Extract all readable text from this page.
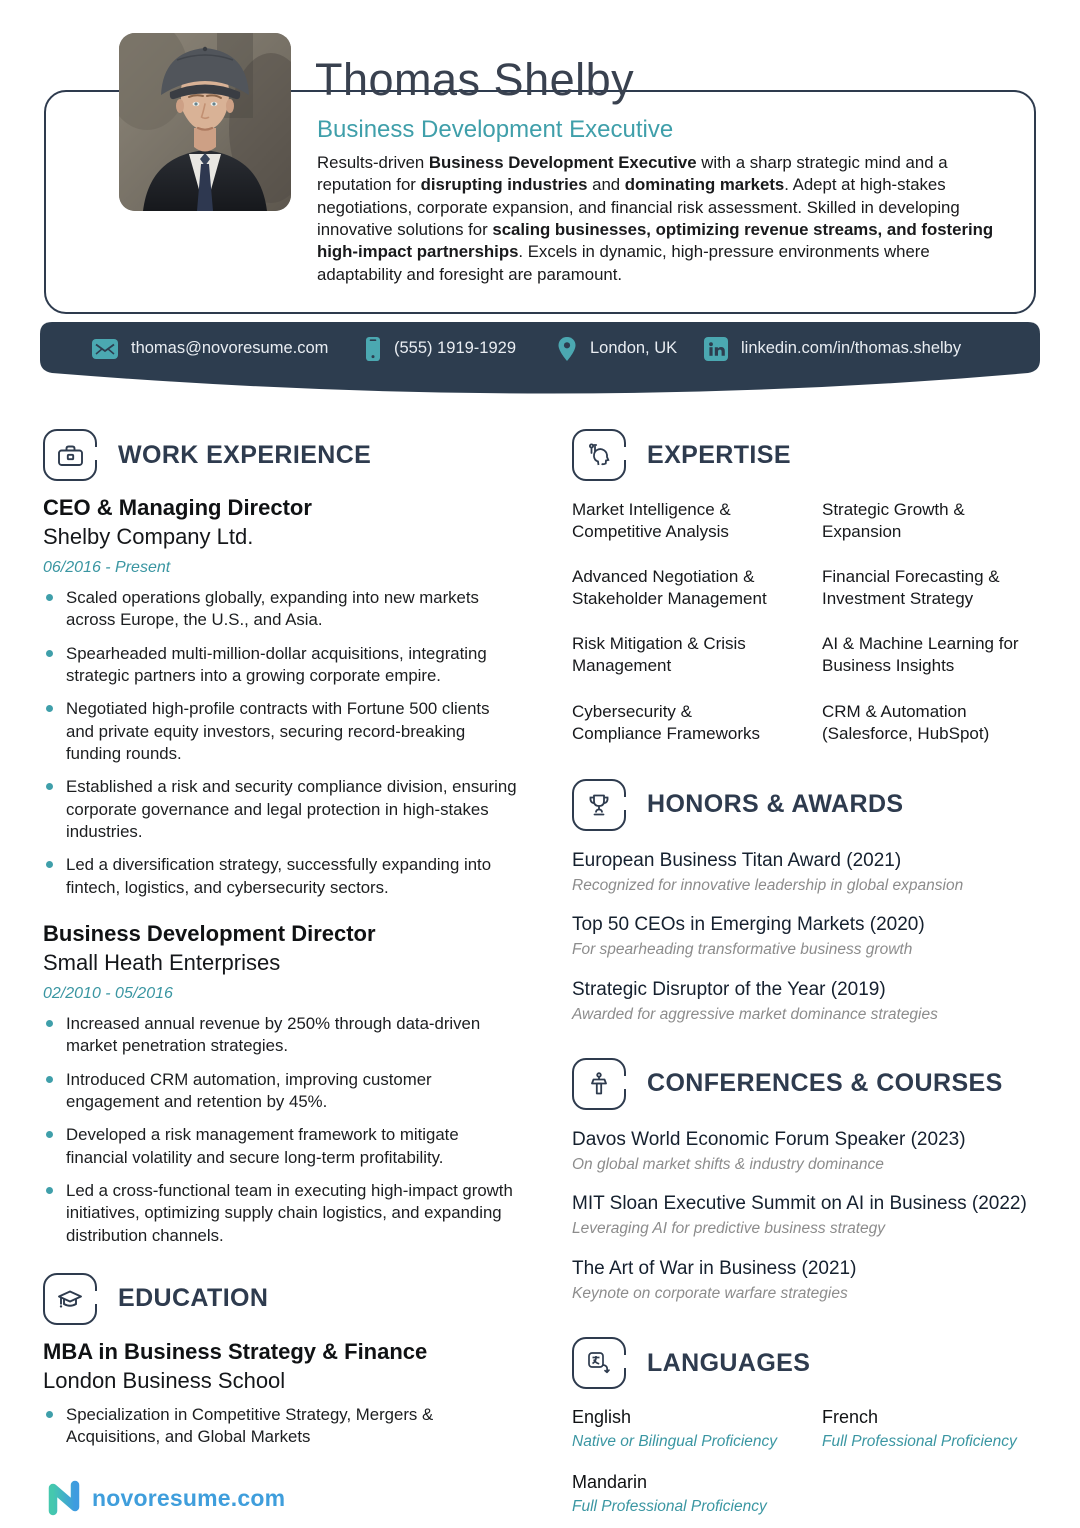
Thomas Shelby
Business Development Executive
Results-driven Business Development Executive with a sharp strategic mind and a reputation for disrupting industries and dominating markets. Adept at high-stakes negotiations, corporate expansion, and financial risk assessment. Skilled in developing innovative solutions for scaling businesses, optimizing revenue streams, and fostering high-impact partnerships. Excels in dynamic, high-pressure environments where adaptability and foresight are paramount.
thomas@novoresume.com	(555) 1919-1929	London, UK	linkedin.com/in/thomas.shelby
WORK EXPERIENCE
CEO & Managing Director
Shelby Company Ltd.
06/2016 - Present
Scaled operations globally, expanding into new markets across Europe, the U.S., and Asia.
Spearheaded multi-million-dollar acquisitions, integrating strategic partners into a growing corporate empire.
Negotiated high-profile contracts with Fortune 500 clients and private equity investors, securing record-breaking funding rounds.
Established a risk and security compliance division, ensuring corporate governance and legal protection in high-stakes industries.
Led a diversification strategy, successfully expanding into fintech, logistics, and cybersecurity sectors.
Business Development Director
Small Heath Enterprises
02/2010 - 05/2016
Increased annual revenue by 250% through data-driven market penetration strategies.
Introduced CRM automation, improving customer engagement and retention by 45%.
Developed a risk management framework to mitigate financial volatility and secure long-term profitability.
Led a cross-functional team in executing high-impact growth initiatives, optimizing supply chain logistics, and expanding distribution channels.
EDUCATION
MBA in Business Strategy & Finance
London Business School
Specialization in Competitive Strategy, Mergers & Acquisitions, and Global Markets
EXPERTISE
Market Intelligence & Competitive Analysis
Strategic Growth & Expansion
Advanced Negotiation & Stakeholder Management
Financial Forecasting & Investment Strategy
Risk Mitigation & Crisis Management
AI & Machine Learning for Business Insights
Cybersecurity & Compliance Frameworks
CRM & Automation (Salesforce, HubSpot)
HONORS & AWARDS
European Business Titan Award (2021)
Recognized for innovative leadership in global expansion
Top 50 CEOs in Emerging Markets (2020)
For spearheading transformative business growth
Strategic Disruptor of the Year (2019)
Awarded for aggressive market dominance strategies
CONFERENCES & COURSES
Davos World Economic Forum Speaker (2023)
On global market shifts & industry dominance
MIT Sloan Executive Summit on AI in Business (2022)
Leveraging AI for predictive business strategy
The Art of War in Business (2021)
Keynote on corporate warfare strategies
LANGUAGES
English
Native or Bilingual Proficiency
French
Full Professional Proficiency
Mandarin
Full Professional Proficiency
novoresume.com
